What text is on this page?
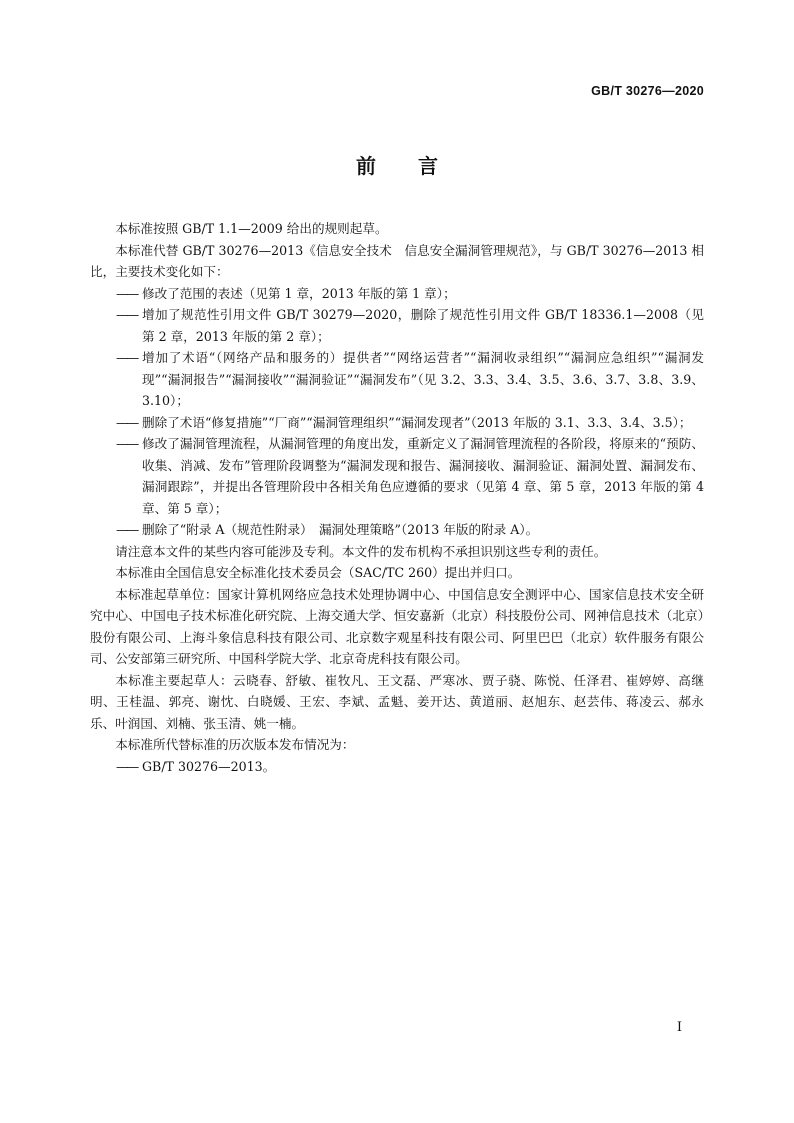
GB/T 30276—2020
前 言

本标准按照 GB/T 1.1—2009 给出的规则起草。

本标准代替 GB/T 30276—2013《信息安全技术　信息安全漏洞管理规范》，与 GB/T 30276—2013 相比，主要技术变化如下：

—— 修改了范围的表述（见第 1 章，2013 年版的第 1 章）；
—— 增加了规范性引用文件 GB/T 30279—2020，删除了规范性引用文件 GB/T 18336.1—2008（见第 2 章，2013 年版的第 2 章）；
—— 增加了术语“（网络产品和服务的）提供者”“网络运营者”“漏洞收录组织”“漏洞应急组织”“漏洞发现”“漏洞报告”“漏洞接收”“漏洞验证”“漏洞发布”（见 3.2、3.3、3.4、3.5、3.6、3.7、3.8、3.9、3.10）；
—— 删除了术语“修复措施”“厂商”“漏洞管理组织”“漏洞发现者”（2013 年版的 3.1、3.3、3.4、3.5）；
—— 修改了漏洞管理流程，从漏洞管理的角度出发，重新定义了漏洞管理流程的各阶段，将原来的“预防、收集、消减、发布”管理阶段调整为“漏洞发现和报告、漏洞接收、漏洞验证、漏洞处置、漏洞发布、漏洞跟踪”，并提出各管理阶段中各相关角色应遵循的要求（见第 4 章、第 5 章，2013 年版的第 4 章、第 5 章）；
—— 删除了“附录 A（规范性附录）　漏洞处理策略”（2013 年版的附录 A）。

请注意本文件的某些内容可能涉及专利。本文件的发布机构不承担识别这些专利的责任。

本标准由全国信息安全标准化技术委员会（SAC/TC 260）提出并归口。

本标准起草单位：国家计算机网络应急技术处理协调中心、中国信息安全测评中心、国家信息技术安全研究中心、中国电子技术标准化研究院、上海交通大学、恒安嘉新（北京）科技股份公司、网神信息技术（北京）股份有限公司、上海斗象信息科技有限公司、北京数字观星科技有限公司、阿里巴巴（北京）软件服务有限公司、公安部第三研究所、中国科学院大学、北京奇虎科技有限公司。

本标准主要起草人：云晓春、舒敏、崔牧凡、王文磊、严寒冰、贾子骁、陈悦、任泽君、崔婷婷、高继明、王桂温、郭亮、谢忱、白晓媛、王宏、李斌、孟魁、姜开达、黄道丽、赵旭东、赵芸伟、蒋凌云、郝永乐、叶润国、刘楠、张玉清、姚一楠。

本标准所代替标准的历次版本发布情况为：

—— GB/T 30276—2013。
I
